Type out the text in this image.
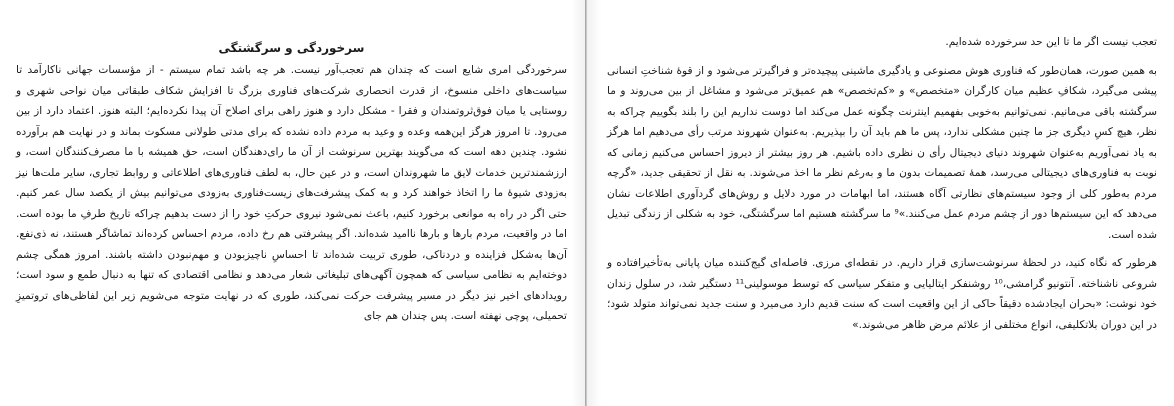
سرخوردگی و سرگشتگی

سرخوردگی امری شایع است که چندان هم تعجب‌آور نیست. هر چه باشد تمام سیستم - از مؤسسات جهانی ناکارآمد تا سیاست‌های داخلی منسوخ، از قدرت انحصاری شرکت‌های فناوری بزرگ تا افزایش شکاف طبقاتی میان نواحی شهری و روستایی یا میان فوق‌ثروتمندان و فقرا - مشکل دارد و هنوز راهی برای اصلاح آن پیدا نکرده‌ایم؛ البته هنوز. اعتماد دارد از بین می‌رود. تا امروز هرگز این‌همه وعده و وعید به مردم داده نشده که برای مدتی طولانی مسکوت بماند و در نهایت هم برآورده نشود. چندین دهه است که می‌گویند بهترین سرنوشت از آن ما رای‌دهندگان است، حق همیشه با ما مصرف‌کنندگان است، و ارزشمندترین خدمات لایق ما شهروندان است، و در عین حال، به لطف فناوری‌های اطلاعاتی و روابط تجاری، سایر ملت‌ها نیز به‌زودی شیوهٔ ما را اتخاذ خواهند کرد و به کمک پیشرفت‌های زیست‌فناوری به‌زودی می‌توانیم بیش از یکصد سال عمر کنیم. حتی اگر در راه به موانعی برخورد کنیم، باعث نمی‌شود نیروی حرکتِ خود را از دست بدهیم چراکه تاریخ طرفِ ما بوده است. اما در واقعیت، مردم بارها و بارها ناامید شده‌اند. اگر پیشرفتی هم رخ داده، مردم احساس کرده‌اند تماشاگر هستند، نه ذی‌نفع. آن‌ها به‌شکل فزاینده و دردناکی، طوری تربیت شده‌اند تا احساسِ ناچیزبودن و مهم‌نبودن داشته باشند. امروز همگی چشم دوخته‌ایم به نظامی سیاسی که همچون آگهی‌های تبلیغاتی شعار می‌دهد و نظامی اقتصادی که تنها به دنبال طمع و سود است؛ رویدادهای اخیر نیز دیگر در مسیر پیشرفت حرکت نمی‌کند، طوری که در نهایت متوجه می‌شویم زیر این لفاظی‌های تروتمیزِ تحمیلی، پوچی نهفته است. پس چندان هم جای

تعجب نیست اگر ما تا این حد سرخورده شده‌ایم.

به همین صورت، همان‌طور که فناوری هوش مصنوعی و یادگیری ماشینی پیچیده‌تر و فراگیرتر می‌شود و از قوهٔ شناختِ انسانی پیشی می‌گیرد، شکافِ عظیم میان کارگران «متخصص» و «کم‌تخصص» هم عمیق‌تر می‌شود و مشاغل از بین می‌روند و ما سرگشته باقی می‌مانیم. نمی‌توانیم به‌خوبی بفهمیم اینترنت چگونه عمل می‌کند اما دوست نداریم این را بلند بگوییم چراکه به نظر، هیچ کسِ دیگری جز ما چنین مشکلی ندارد، پس ما هم باید آن را بپذیریم. به‌عنوان شهروند مرتب رأی می‌دهیم اما هرگز به یاد نمی‌آوریم به‌عنوان شهروند دنیای دیجیتال رأی ن نظری داده باشیم. هر روز بیشتر از دیروز احساس می‌کنیم زمانی که نوبت به فناوری‌های دیجیتالی می‌رسد، همهٔ تصمیمات بدون ما و به‌رغم نظر ما اخذ می‌شوند. به نقل از تحقیقی جدید، «گرچه مردم به‌طور کلی از وجود سیستم‌های نظارتی آگاه هستند، اما ابهامات در مورد دلایل و روش‌های گردآوری اطلاعات نشان می‌دهد که این سیستم‌ها دور از چشم مردم عمل می‌کنند.»⁹ ما سرگشته هستیم اما سرگشتگی، خود به شکلی از زندگی تبدیل شده است.

هرطور که نگاه کنید، در لحظهٔ سرنوشت‌سازی قرار داریم. در نقطه‌ای مرزی. فاصله‌ای گیج‌کننده میان پایانی به‌تأخیرافتاده و شروعی ناشناخته. آنتونیو گرامشی،¹⁰ روشنفکر ایتالیایی و متفکر سیاسی که توسط موسولینی¹¹ دستگیر شد، در سلول زندان خود نوشت: «بحران ایجادشده دقیقاً حاکی از این واقعیت است که سنت قدیم دارد می‌میرد و سنت جدید نمی‌تواند متولد شود؛ در این دوران بلاتکلیفی، انواع مختلفی از علائم مرض ظاهر می‌شوند.»
